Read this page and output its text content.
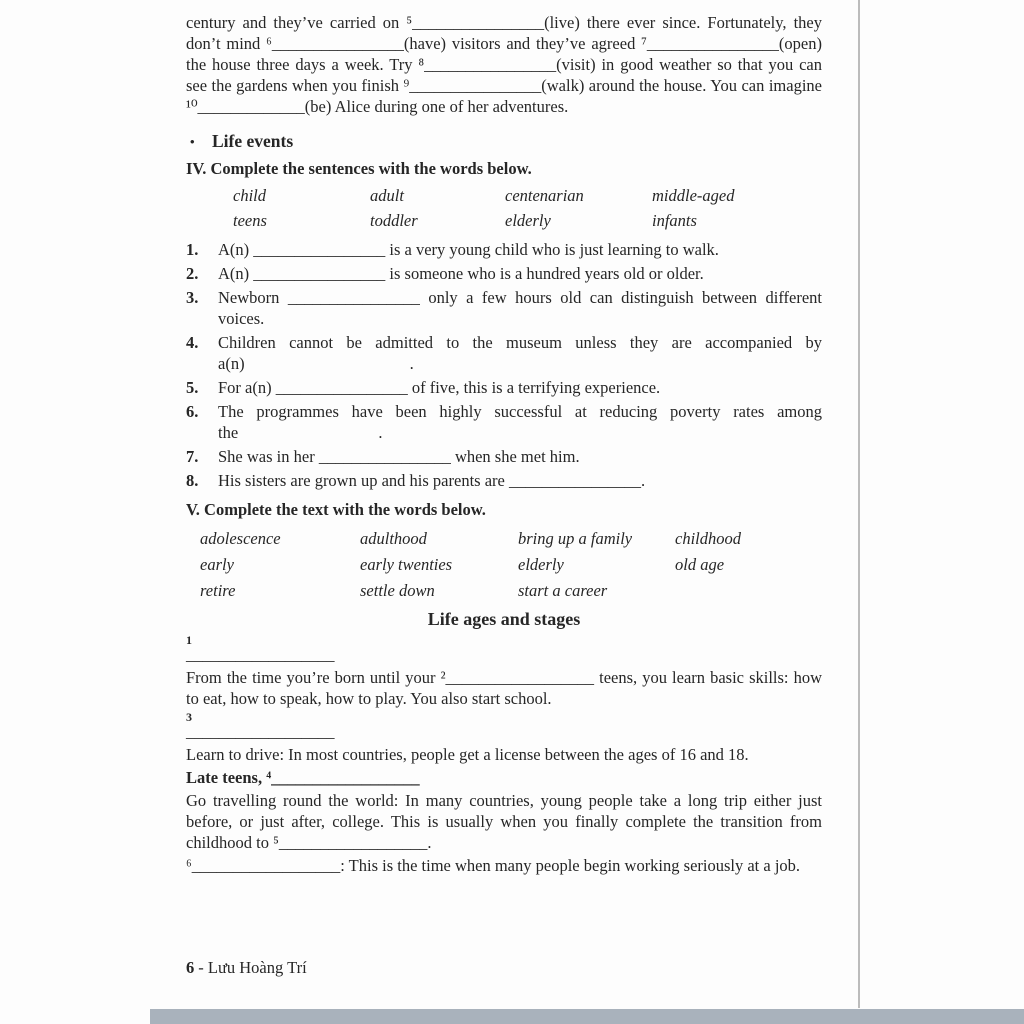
century and they’ve carried on ⁵________________(live) there ever since. Fortunately, they don’t mind ⁶________________(have) visitors and they’ve agreed ⁷________________(open) the house three days a week. Try ⁸________________(visit) in good weather so that you can see the gardens when you finish ⁹________________(walk) around the house. You can imagine ¹⁰_____________(be) Alice during one of her adventures.

• Life events
IV. Complete the sentences with the words below.
child	adult	centenarian	middle-aged
teens	toddler	elderly	infants
1.	A(n) ________________ is a very young child who is just learning to walk.
2.	A(n) ________________ is someone who is a hundred years old or older.
3.	Newborn ________________ only a few hours old can distinguish between different voices.
4.	Children cannot be admitted to the museum unless they are accompanied by a(n)                                        .
5.	For a(n) ________________ of five, this is a terrifying experience.
6.	The programmes have been highly successful at reducing poverty rates among the                                  .
7.	She was in her ________________ when she met him.
8.	His sisters are grown up and his parents are ________________.
V. Complete the text with the words below.
adolescence	adulthood	bring up a family	childhood
early	early twenties	elderly	old age
retire	settle down	start a career
Life ages and stages
1
__________________

From the time you’re born until your ²__________________ teens, you learn basic skills: how to eat, how to speak, how to play. You also start school.

3
__________________

Learn to drive: In most countries, people get a license between the ages of 16 and 18.

Late teens, ⁴__________________

Go travelling round the world: In many countries, young people take a long trip either just before, or just after, college. This is usually when you finally complete the transition from childhood to ⁵__________________.

⁶__________________: This is the time when many people begin working seriously at a job.

6 - Lưu Hoàng Trí
